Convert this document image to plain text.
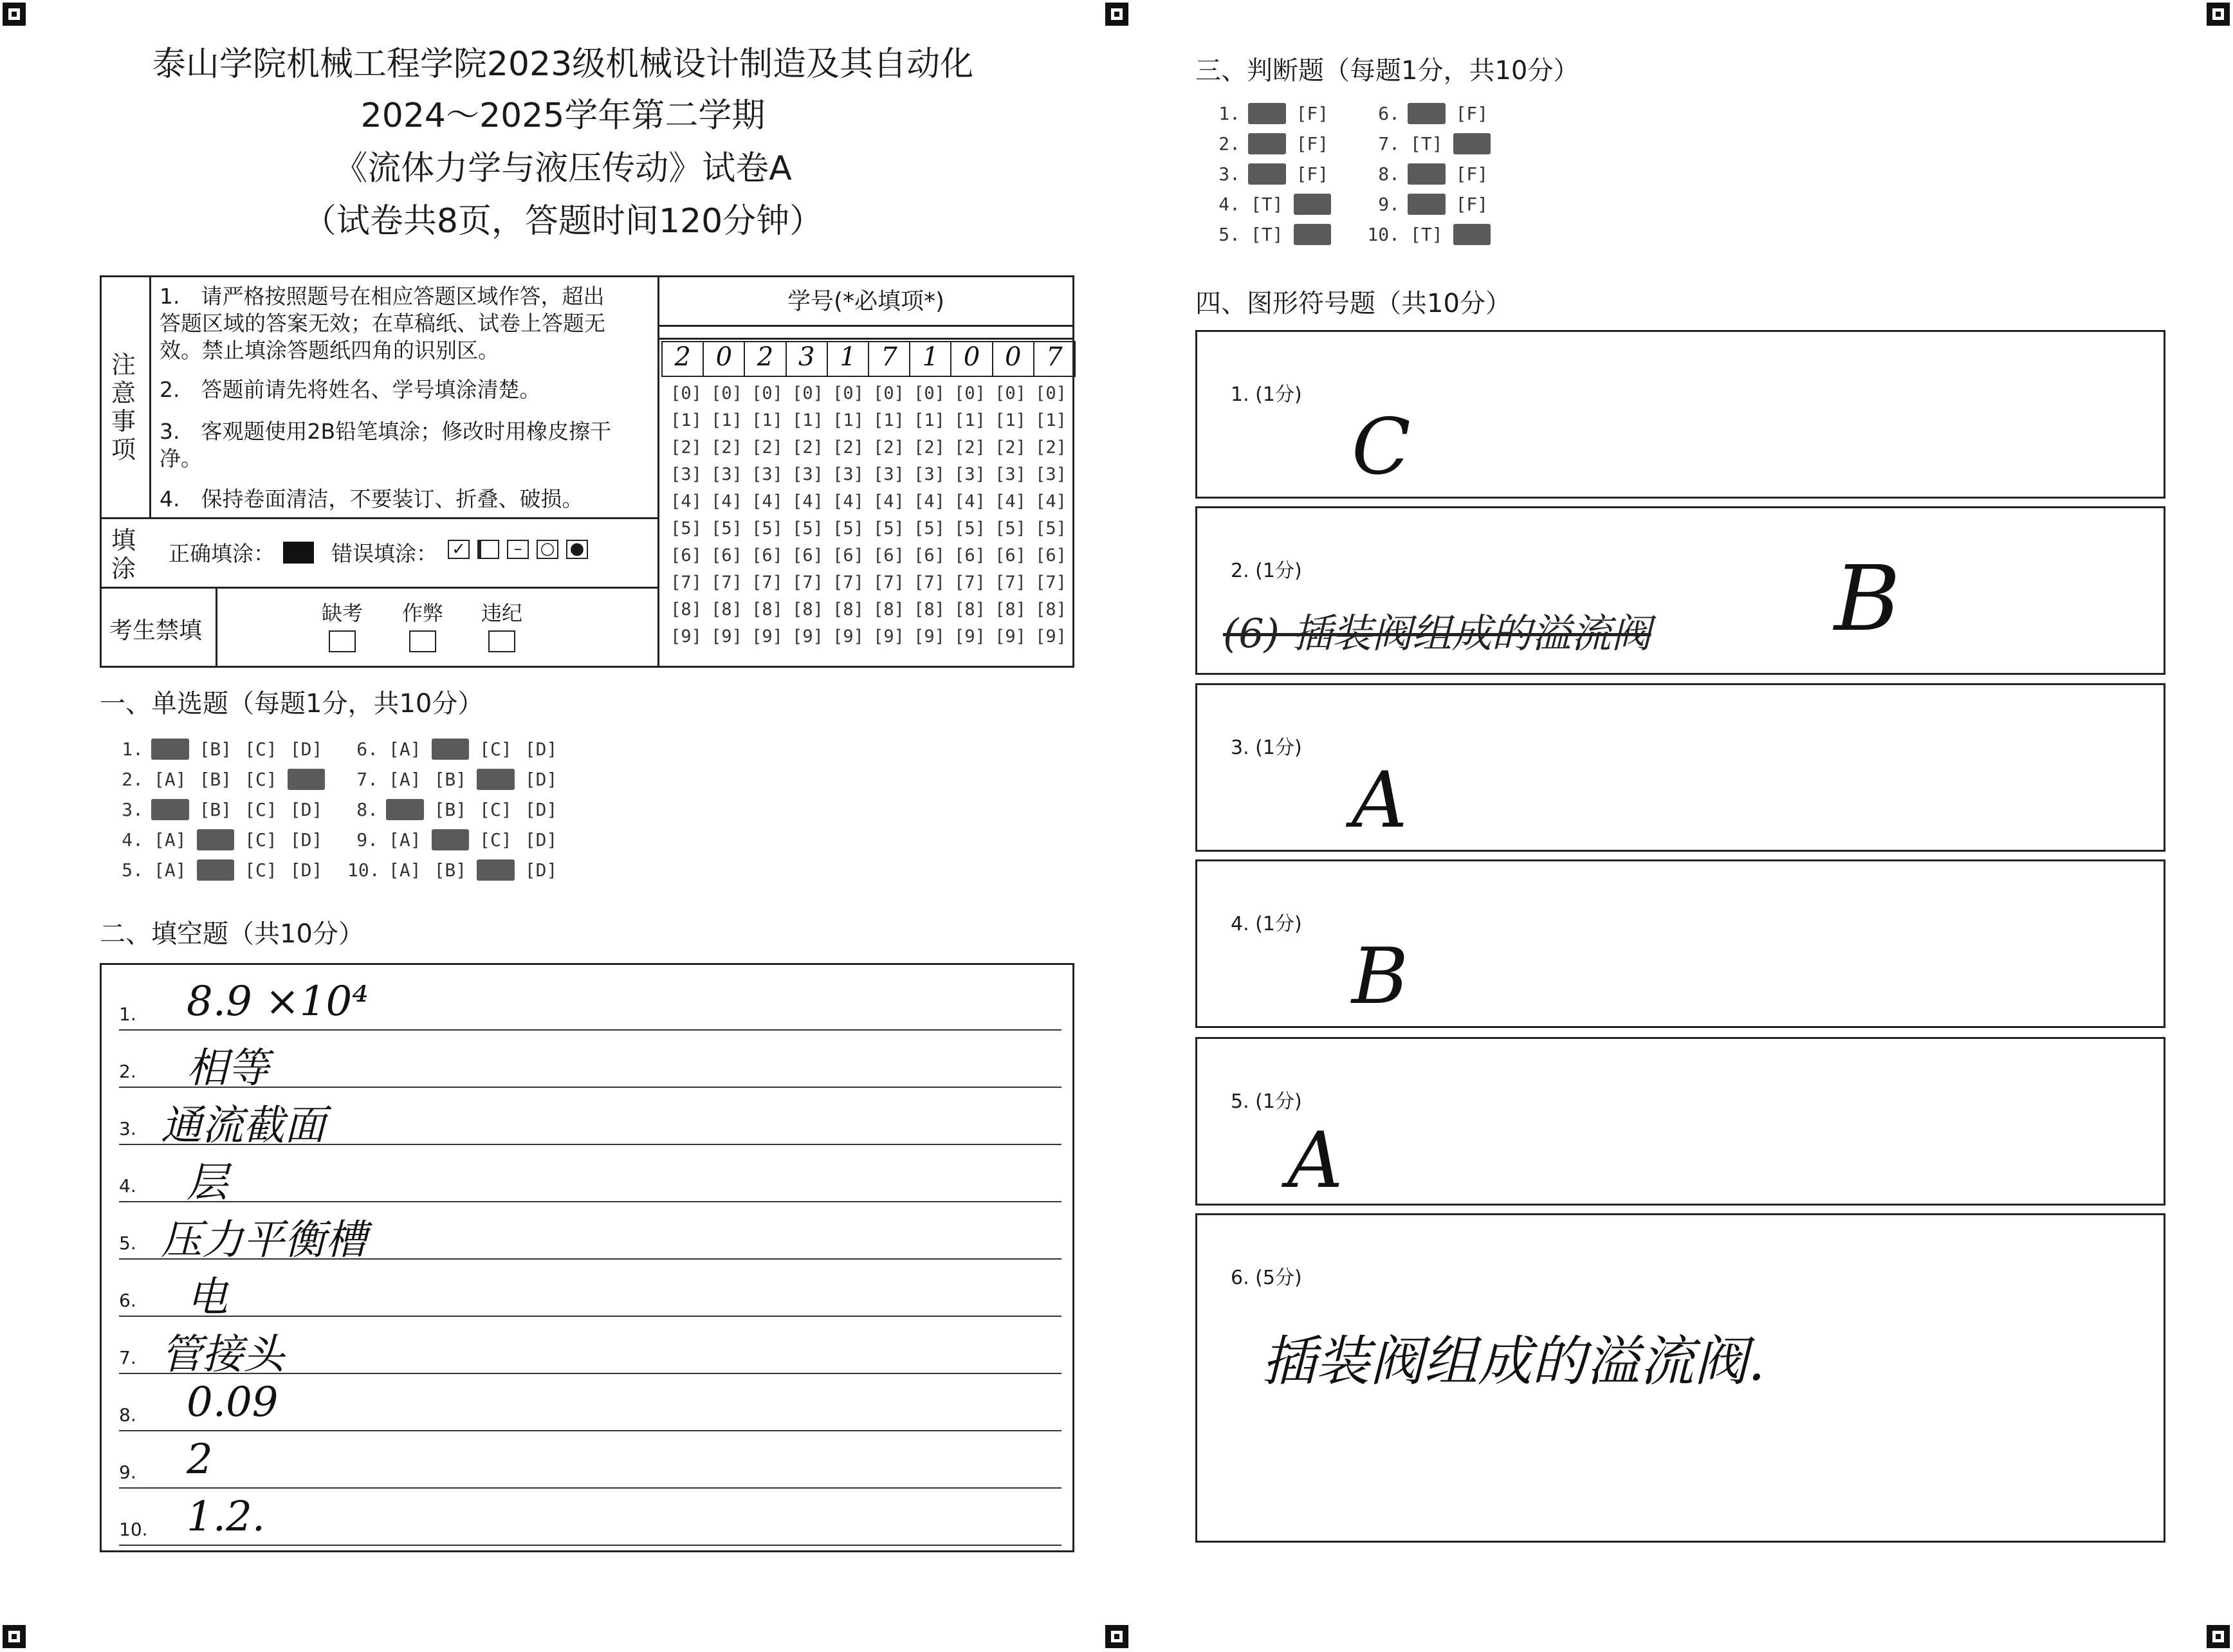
泰山学院机械工程学院2023级机械设计制造及其自动化
2024～2025学年第二学期
《流体力学与液压传动》试卷A
（试卷共8页，答题时间120分钟）
注
意
事
项
1.　请严格按照题号在相应答题区域作答，超出答题区域的答案无效；在草稿纸、试卷上答题无效。禁止填涂答题纸四角的识别区。
2.　答题前请先将姓名、学号填涂清楚。
3.　客观题使用2B铅笔填涂；修改时用橡皮擦干净。
4.　保持卷面清洁，不要装订、折叠、破损。
填
涂
正确填涂：	错误填涂： ✓	– ○ ●
考生禁填
缺考 作弊 违纪
学号(*必填项*)
2 0 2 3 1 7 1 0 0 7
[0] [0] [0] [0] [0] [0] [0] [0] [0] [0]
[1] [1] [1] [1] [1] [1] [1] [1] [1] [1]
[2] [2] [2] [2] [2] [2] [2] [2] [2] [2]
[3] [3] [3] [3] [3] [3] [3] [3] [3] [3]
[4] [4] [4] [4] [4] [4] [4] [4] [4] [4]
[5] [5] [5] [5] [5] [5] [5] [5] [5] [5]
[6] [6] [6] [6] [6] [6] [6] [6] [6] [6]
[7] [7] [7] [7] [7] [7] [7] [7] [7] [7]
[8] [8] [8] [8] [8] [8] [8] [8] [8] [8]
[9] [9] [9] [9] [9] [9] [9] [9] [9] [9]
一、单选题（每题1分，共10分）
1. [A] [B] [C] [D]
2. [A] [B] [C] [D]
3. [A] [B] [C] [D]
4. [A] [B] [C] [D]
5. [A] [B] [C] [D]
6. [A] [B] [C] [D]
7. [A] [B] [C] [D]
8. [A] [B] [C] [D]
9. [A] [B] [C] [D]
10. [A] [B] [C] [D]
二、填空题（共10分）
1. 8.9 ×10⁴
2. 相等
3. 通流截面
4. 层
5. 压力平衡槽
6. 电
7. 管接头
8. 0.09
9. 2
10. 1.2.
三、判断题（每题1分，共10分）
1. [T] [F]
2. [T] [F]
3. [T] [F]
4. [T] [F]
5. [T] [F]
6. [T] [F]
7. [T] [F]
8. [T] [F]
9. [T] [F]
10. [T] [F]
四、图形符号题（共10分）
1. (1分)
C
2. (1分)
(6) 插装阀组成的溢流阀 B
3. (1分)
A
4. (1分)
B
5. (1分)
A
6. (5分)
插装阀组成的溢流阀.
